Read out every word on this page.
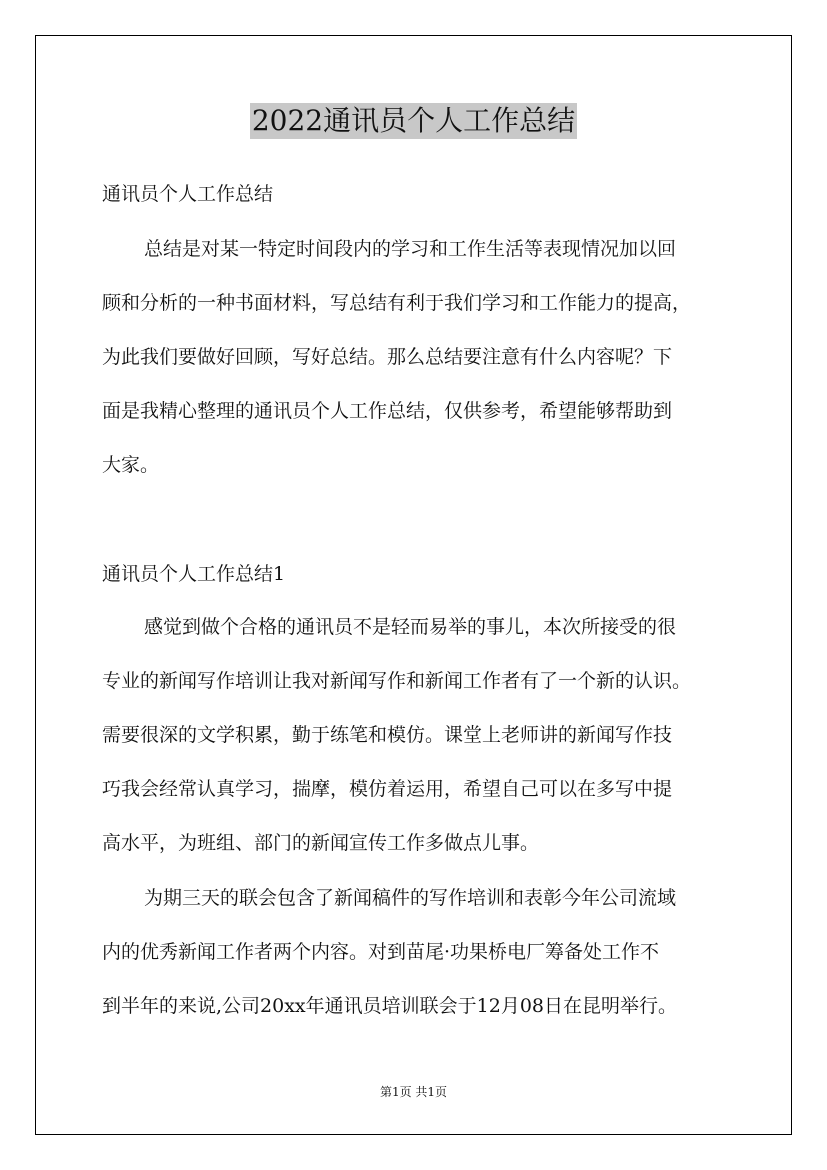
2022通讯员个人工作总结
通讯员个人工作总结
总结是对某一特定时间段内的学习和工作生活等表现情况加以回
顾和分析的一种书面材料，写总结有利于我们学习和工作能力的提高，
为此我们要做好回顾，写好总结。那么总结要注意有什么内容呢？下
面是我精心整理的通讯员个人工作总结，仅供参考，希望能够帮助到
大家。
通讯员个人工作总结1
感觉到做个合格的通讯员不是轻而易举的事儿，本次所接受的很
专业的新闻写作培训让我对新闻写作和新闻工作者有了一个新的认识。
需要很深的文学积累，勤于练笔和模仿。课堂上老师讲的新闻写作技
巧我会经常认真学习，揣摩，模仿着运用，希望自己可以在多写中提
高水平，为班组、部门的新闻宣传工作多做点儿事。
为期三天的联会包含了新闻稿件的写作培训和表彰今年公司流域
内的优秀新闻工作者两个内容。对到苗尾·功果桥电厂筹备处工作不
到半年的来说,公司20xx年通讯员培训联会于12月08日在昆明举行。
第1页 共1页
